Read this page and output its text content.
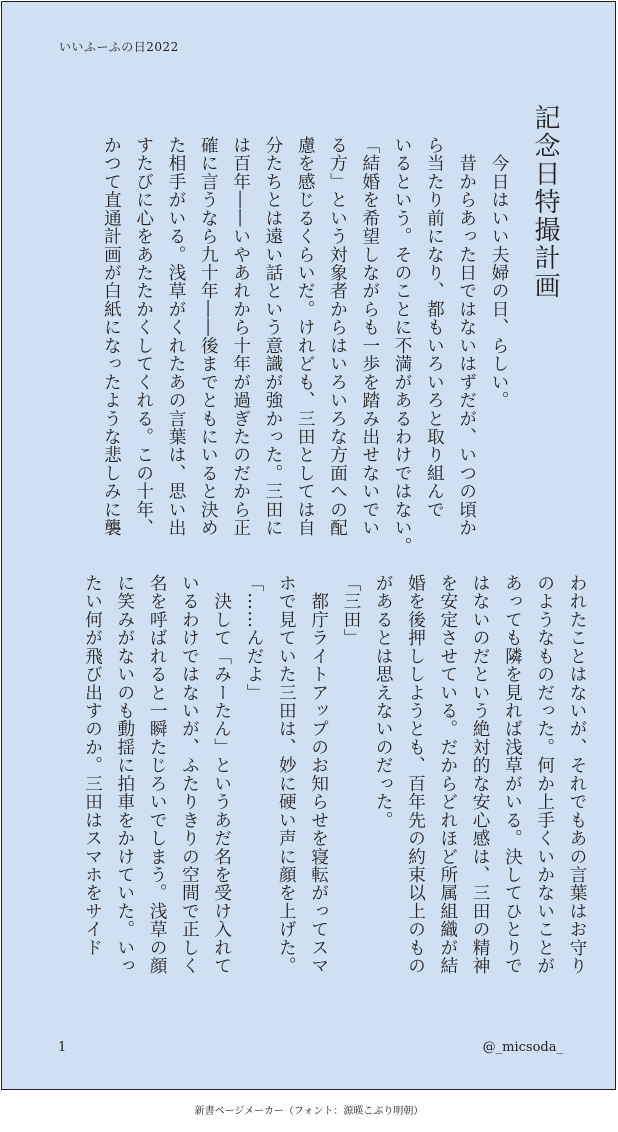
いいふーふの日2022
記念日特撮計画
　今日はいい夫婦の日、らしい。
　昔からあった日ではないはずだが、いつの頃か
ら当たり前になり、都もいろいろと取り組んで
いるという。そのことに不満があるわけではない。
「結婚を希望しながらも一歩を踏み出せないでい
る方」という対象者からはいろいろな方面への配
慮を感じるくらいだ。けれども、三田としては自
分たちとは遠い話という意識が強かった。三田に
は百年――いやあれから十年が過ぎたのだから正
確に言うなら九十年――後までともにいると決め
た相手がいる。浅草がくれたあの言葉は、思い出
すたびに心をあたたかくしてくれる。この十年、
かつて直通計画が白紙になったような悲しみに襲
われたことはないが、それでもあの言葉はお守り
のようなものだった。何か上手くいかないことが
あっても隣を見れば浅草がいる。決してひとりで
はないのだという絶対的な安心感は、三田の精神
を安定させている。だからどれほど所属組織が結
婚を後押ししようとも、百年先の約束以上のもの
があるとは思えないのだった。
「三田」
　都庁ライトアップのお知らせを寝転がってスマ
ホで見ていた三田は、妙に硬い声に顔を上げた。
「……んだよ」
　決して「みーたん」というあだ名を受け入れて
いるわけではないが、ふたりきりの空間で正しく
名を呼ばれると一瞬たじろいでしまう。浅草の顔
に笑みがないのも動揺に拍車をかけていた。いっ
たい何が飛び出すのか。三田はスマホをサイド
1	@_micsoda_
新書ページメーカー（フォント：源暎こぶり明朝）
